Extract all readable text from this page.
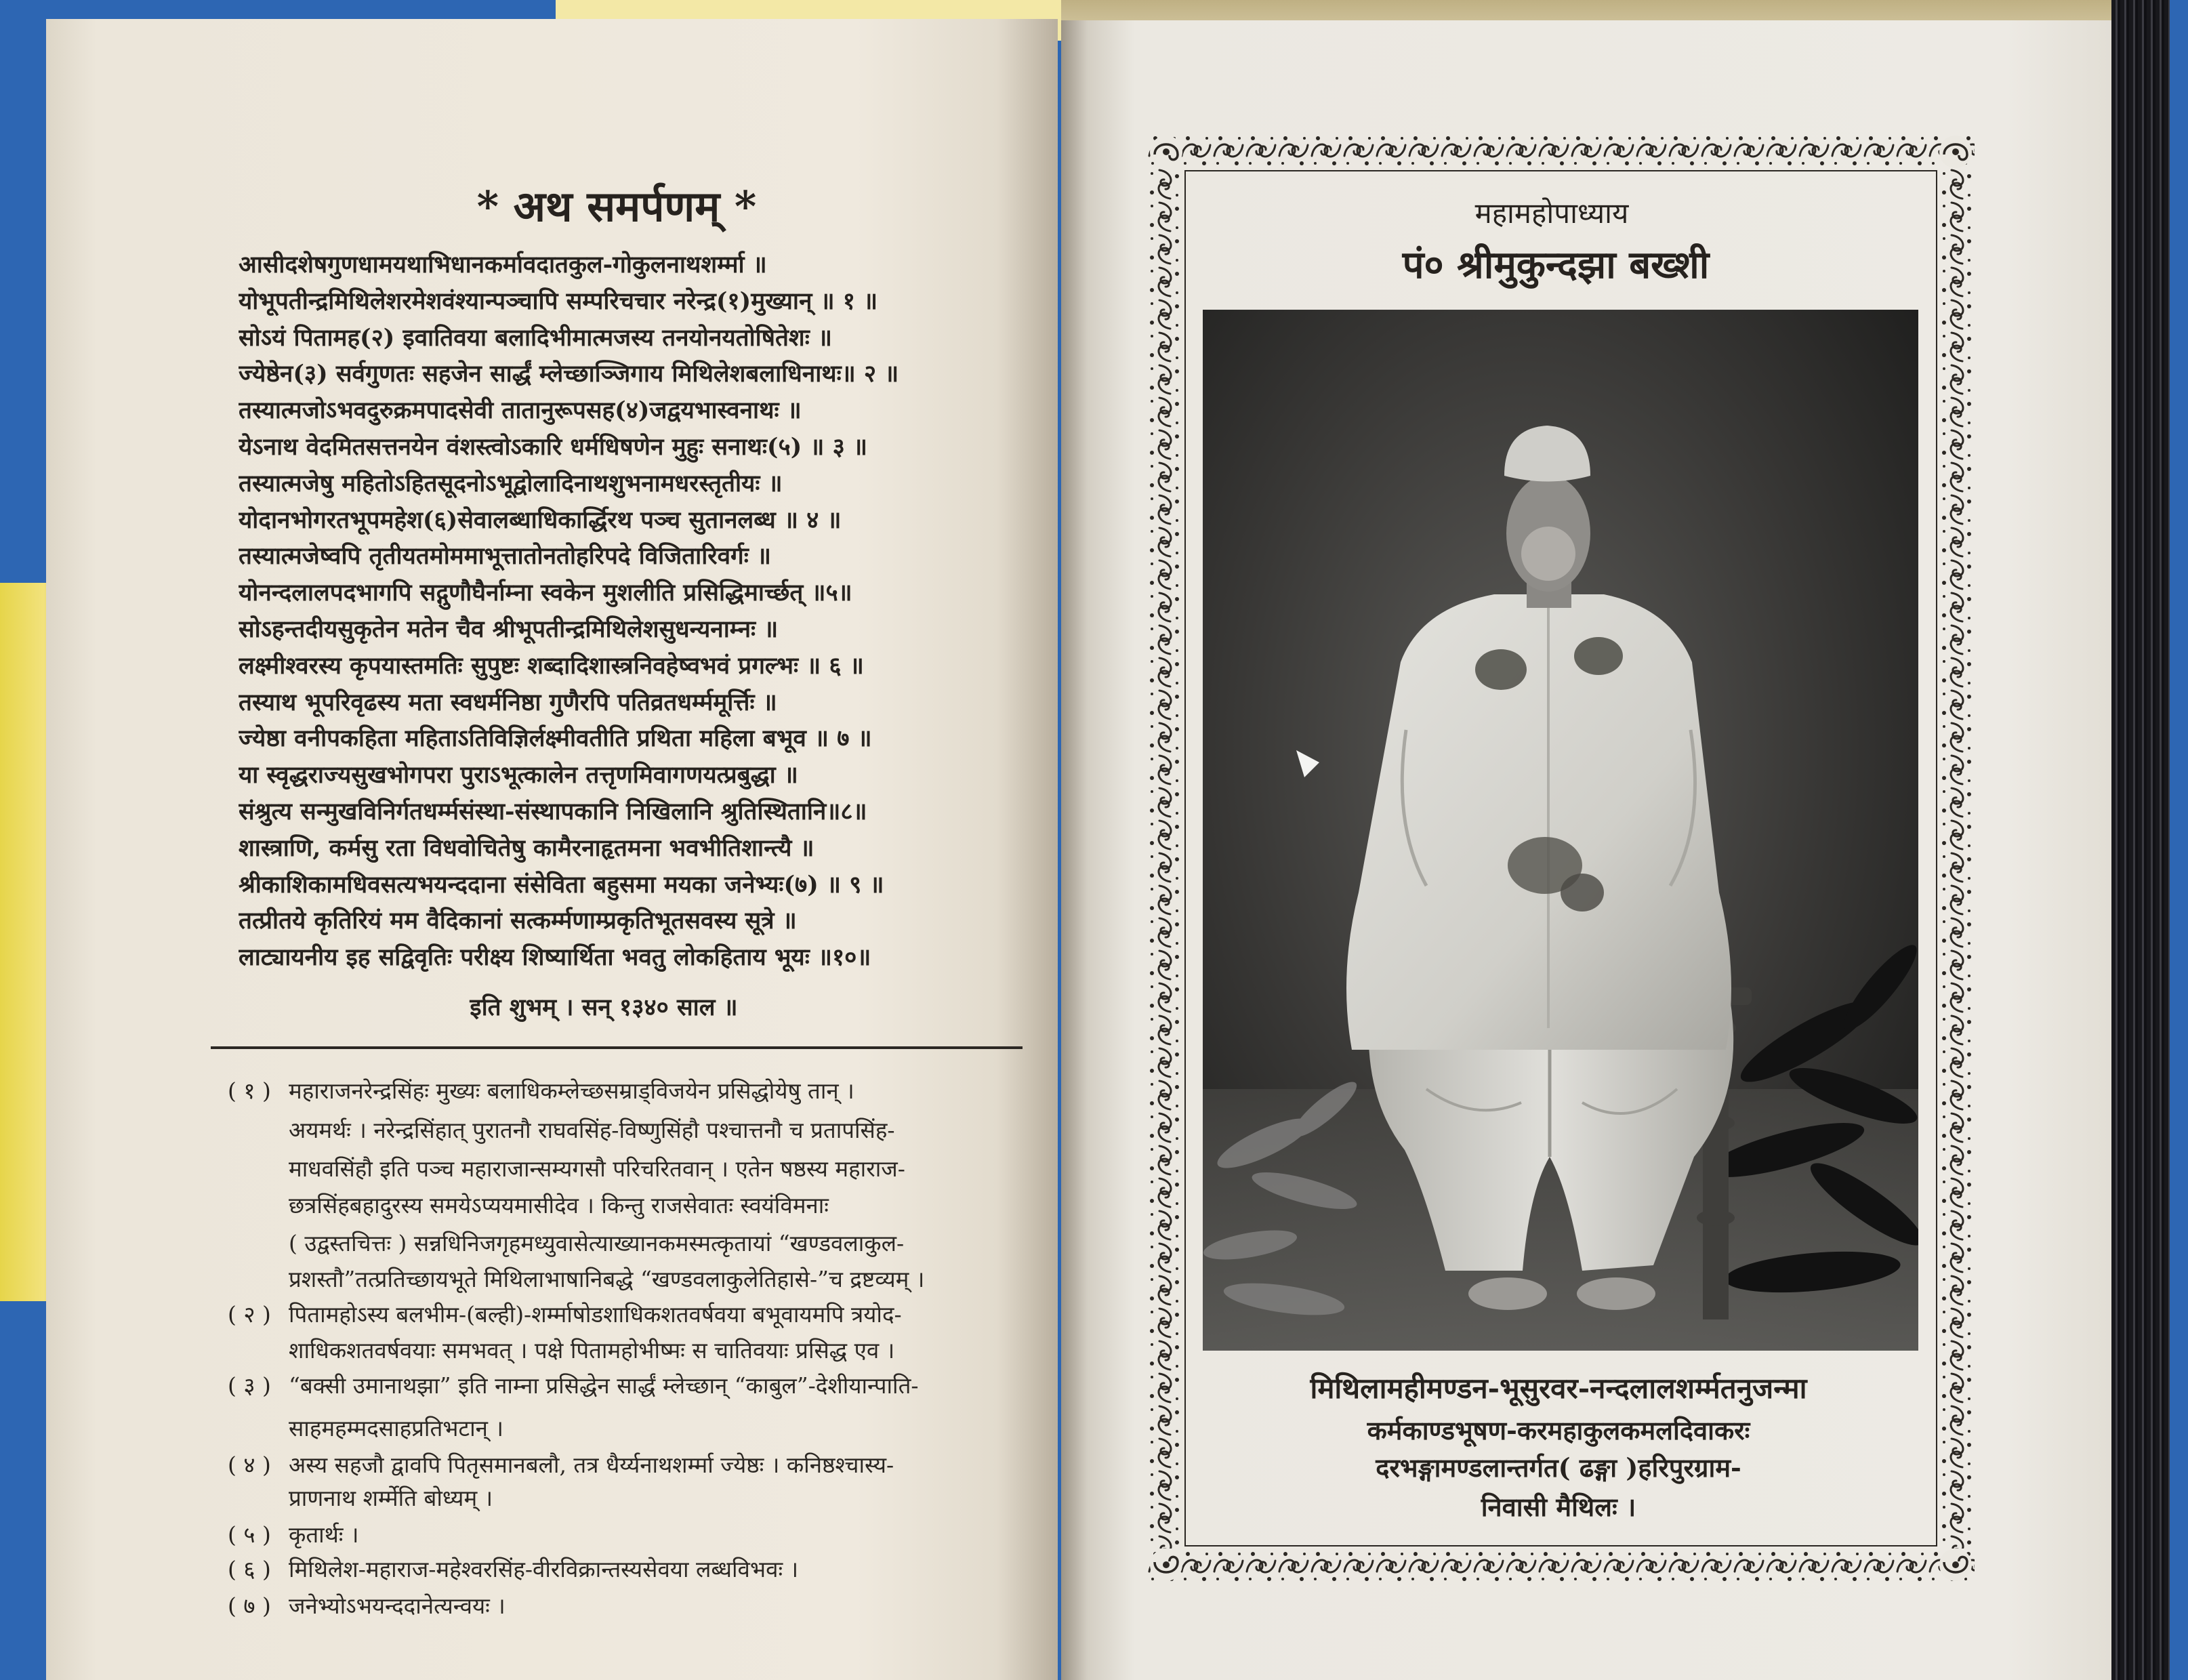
* अथ समर्पणम् *
आसीदशेषगुणधामयथाभिधानकर्मावदातकुल-गोकुलनाथशर्म्मा ॥
योभूपतीन्द्रमिथिलेशरमेशवंश्यान्पञ्चापि सम्परिचचार नरेन्द्र(१)मुख्यान् ॥ १ ॥
सोऽयं पितामह(२) इवातिवया बलादिभीमात्मजस्य तनयोनयतोषितेशः ॥
ज्येष्ठेन(३) सर्वगुणतः सहजेन सार्द्धं म्लेच्छाञ्जिगाय मिथिलेशबलाधिनाथः॥ २ ॥
तस्यात्मजोऽभवदुरुक्रमपादसेवी तातानुरूपसह(४)जद्वयभास्वनाथः ॥
येऽनाथ वेदमितसत्तनयेन वंशस्त्वोऽकारि धर्मधिषणेन मुहुः सनाथः(५) ॥ ३ ॥
तस्यात्मजेषु महितोऽहितसूदनोऽभूद्वोलादिनाथशुभनामधरस्तृतीयः ॥
योदानभोगरतभूपमहेश(६)सेवालब्धाधिकार्द्धिरथ पञ्च सुतानलब्ध ॥ ४ ॥
तस्यात्मजेष्वपि तृतीयतमोममाभूत्तातोनतोहरिपदे विजितारिवर्गः ॥
योनन्दलालपदभागपि सद्गुणौघैर्नाम्ना स्वकेन मुशलीति प्रसिद्धिमार्च्छत् ॥५॥
सोऽहन्तदीयसुकृतेन मतेन चैव श्रीभूपतीन्द्रमिथिलेशसुधन्यनाम्नः ॥
लक्ष्मीश्वरस्य कृपयास्तमतिः सुपुष्टः शब्दादिशास्त्रनिवहेष्वभवं प्रगल्भः ॥ ६ ॥
तस्याथ भूपरिवृढस्य मता स्वधर्मनिष्ठा गुणैरपि पतिव्रतधर्म्ममूर्त्तिः ॥
ज्येष्ठा वनीपकहिता महिताऽतिविज्ञिर्लक्ष्मीवतीति प्रथिता महिला बभूव ॥ ७ ॥
या स्वृद्धराज्यसुखभोगपरा पुराऽभूत्कालेन तत्तृणमिवागणयत्प्रबुद्धा ॥
संश्रुत्य सन्मुखविनिर्गतधर्म्मसंस्था-संस्थापकानि निखिलानि श्रुतिस्थितानि॥८॥
शास्त्राणि, कर्मसु रता विधवोचितेषु कामैरनाहृतमना भवभीतिशान्त्यै ॥
श्रीकाशिकामधिवसत्यभयन्ददाना संसेविता बहुसमा मयका जनेभ्यः(७) ॥ ९ ॥
तत्प्रीतये कृतिरियं मम वैदिकानां सत्कर्म्मणाम्प्रकृतिभूतसवस्य सूत्रे ॥
लाट्यायनीय इह सद्विवृतिः परीक्ष्य शिष्यार्थिता भवतु लोकहिताय भूयः ॥१०॥
इति शुभम् । सन् १३४० साल ॥
( १ ) महाराजनरेन्द्रसिंहः मुख्यः बलाधिकम्लेच्छसम्राड्विजयेन प्रसिद्धोयेषु तान् ।
अयमर्थः । नरेन्द्रसिंहात् पुरातनौ राघवसिंह-विष्णुसिंहौ पश्चात्तनौ च प्रतापसिंह-
माधवसिंहौ इति पञ्च महाराजान्सम्यगसौ परिचरितवान् । एतेन षष्ठस्य महाराज-
छत्रसिंहबहादुरस्य समयेऽप्ययमासीदेव । किन्तु राजसेवातः स्वयंविमनाः
( उद्वस्तचित्तः ) सन्नधिनिजगृहमध्युवासेत्याख्यानकमस्मत्कृतायां “खण्डवलाकुल-
प्रशस्तौ”तत्प्रतिच्छायभूते मिथिलाभाषानिबद्धे “खण्डवलाकुलेतिहासे-”च द्रष्टव्यम् ।
( २ ) पितामहोऽस्य बलभीम-(बल्ही)-शर्म्माषोडशाधिकशतवर्षवया बभूवायमपि त्रयोद-
शाधिकशतवर्षवयाः समभवत् । पक्षे पितामहोभीष्मः स चातिवयाः प्रसिद्ध एव ।
( ३ ) “बक्सी उमानाथझा” इति नाम्ना प्रसिद्धेन सार्द्धं म्लेच्छान् “काबुल”-देशीयान्पाति-
साहमहम्मदसाहप्रतिभटान् ।
( ४ ) अस्य सहजौ द्वावपि पितृसमानबलौ, तत्र धैर्य्यनाथशर्म्मा ज्येष्ठः । कनिष्ठश्चास्य-
प्राणनाथ शर्म्मेति बोध्यम् ।
( ५ ) कृतार्थः ।
( ६ ) मिथिलेश-महाराज-महेश्वरसिंह-वीरविक्रान्तस्यसेवया लब्धविभवः ।
( ७ ) जनेभ्योऽभयन्ददानेत्यन्वयः ।
महामहोपाध्याय
पं० श्रीमुकुन्दझा बख्शी
मिथिलामहीमण्डन-भूसुरवर-नन्दलालशर्म्मतनुजन्मा
कर्मकाण्डभूषण-करमहाकुलकमलदिवाकरः
दरभङ्गामण्डलान्तर्गत( ढङ्गा )हरिपुरग्राम-
निवासी मैथिलः ।
